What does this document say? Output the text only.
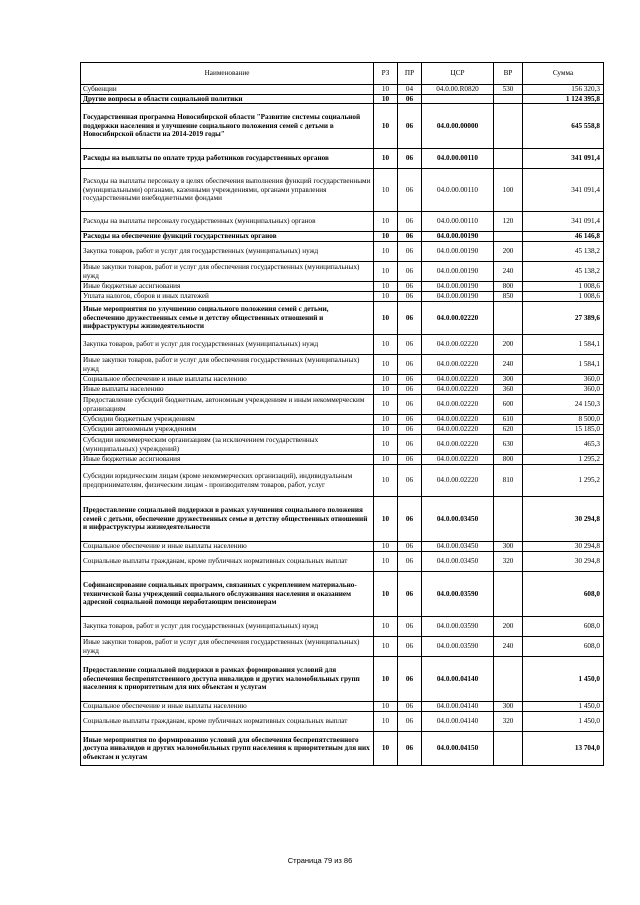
Наименование	РЗ	ПР	ЦСР	ВР	Сумма
Субвенции	10	04	04.0.00.R0820	530	156 320,3
Другие вопросы в области социальной политики	10	06			1 124 395,8
Государственная программа Новосибирской области "Развитие системы социальной поддержки населения и улучшение социального положения семей с детьми в Новосибирской области на 2014-2019 годы"	10	06	04.0.00.00000		645 558,8
Расходы на выплаты по оплате труда работников государственных органов	10	06	04.0.00.00110		341 091,4
Расходы на выплаты персоналу в целях обеспечения выполнения функций государственными (муниципальными) органами, казенными учреждениями, органами управления государственными внебюджетными фондами	10	06	04.0.00.00110	100	341 091,4
Расходы на выплаты персоналу государственных (муниципальных) органов	10	06	04.0.00.00110	120	341 091,4
Расходы на обеспечение функций государственных органов	10	06	04.0.00.00190		46 146,8
Закупка товаров, работ и услуг для государственных (муниципальных) нужд	10	06	04.0.00.00190	200	45 138,2
Иные закупки товаров, работ и услуг для обеспечения государственных (муниципальных) нужд	10	06	04.0.00.00190	240	45 138,2
Иные бюджетные ассигнования	10	06	04.0.00.00190	800	1 008,6
Уплата налогов, сборов и иных платежей	10	06	04.0.00.00190	850	1 008,6
Иные мероприятия по улучшению социального положения семей с детьми, обеспечению дружественных семье и детству общественных отношений и инфраструктуры жизнедеятельности	10	06	04.0.00.02220		27 389,6
Закупка товаров, работ и услуг для государственных (муниципальных) нужд	10	06	04.0.00.02220	200	1 584,1
Иные закупки товаров, работ и услуг для обеспечения государственных (муниципальных) нужд	10	06	04.0.00.02220	240	1 584,1
Социальное обеспечение и иные выплаты населению	10	06	04.0.00.02220	300	360,0
Иные выплаты населению	10	06	04.0.00.02220	360	360,0
Предоставление субсидий бюджетным, автономным учреждениям и иным некоммерческим организациям	10	06	04.0.00.02220	600	24 150,3
Субсидии бюджетным учреждениям	10	06	04.0.00.02220	610	8 500,0
Субсидии автономным учреждениям	10	06	04.0.00.02220	620	15 185,0
Субсидии некоммерческим организациям (за исключением государственных (муниципальных) учреждений)	10	06	04.0.00.02220	630	465,3
Иные бюджетные ассигнования	10	06	04.0.00.02220	800	1 295,2
Субсидии юридическим лицам (кроме некоммерческих организаций), индивидуальным предпринимателям, физическим лицам - производителям товаров, работ, услуг	10	06	04.0.00.02220	810	1 295,2
Предоставление социальной поддержки в рамках улучшения социального положения семей с детьми, обеспечение дружественных семье и детству общественных отношений и инфраструктуры жизнедеятельности	10	06	04.0.00.03450		30 294,8
Социальное обеспечение и иные выплаты населению	10	06	04.0.00.03450	300	30 294,8
Социальные выплаты гражданам, кроме публичных нормативных социальных выплат	10	06	04.0.00.03450	320	30 294,8
Софинансирование социальных программ, связанных с укреплением материально-технической базы учреждений социального обслуживания населения и оказанием адресной социальной помощи неработающим пенсионерам	10	06	04.0.00.03590		608,0
Закупка товаров, работ и услуг для государственных (муниципальных) нужд	10	06	04.0.00.03590	200	608,0
Иные закупки товаров, работ и услуг для обеспечения государственных (муниципальных) нужд	10	06	04.0.00.03590	240	608,0
Предоставление социальной поддержки в рамках формирования условий для обеспечения беспрепятственного доступа инвалидов и других маломобильных групп населения к приоритетным для них объектам и услугам	10	06	04.0.00.04140		1 450,0
Социальное обеспечение и иные выплаты населению	10	06	04.0.00.04140	300	1 450,0
Социальные выплаты гражданам, кроме публичных нормативных социальных выплат	10	06	04.0.00.04140	320	1 450,0
Иные мероприятия по формированию условий для обеспечения беспрепятственного доступа инвалидов и других маломобильных групп населения к приоритетным для них объектам и услугам	10	06	04.0.00.04150		13 704,0
Страница 79 из 86
